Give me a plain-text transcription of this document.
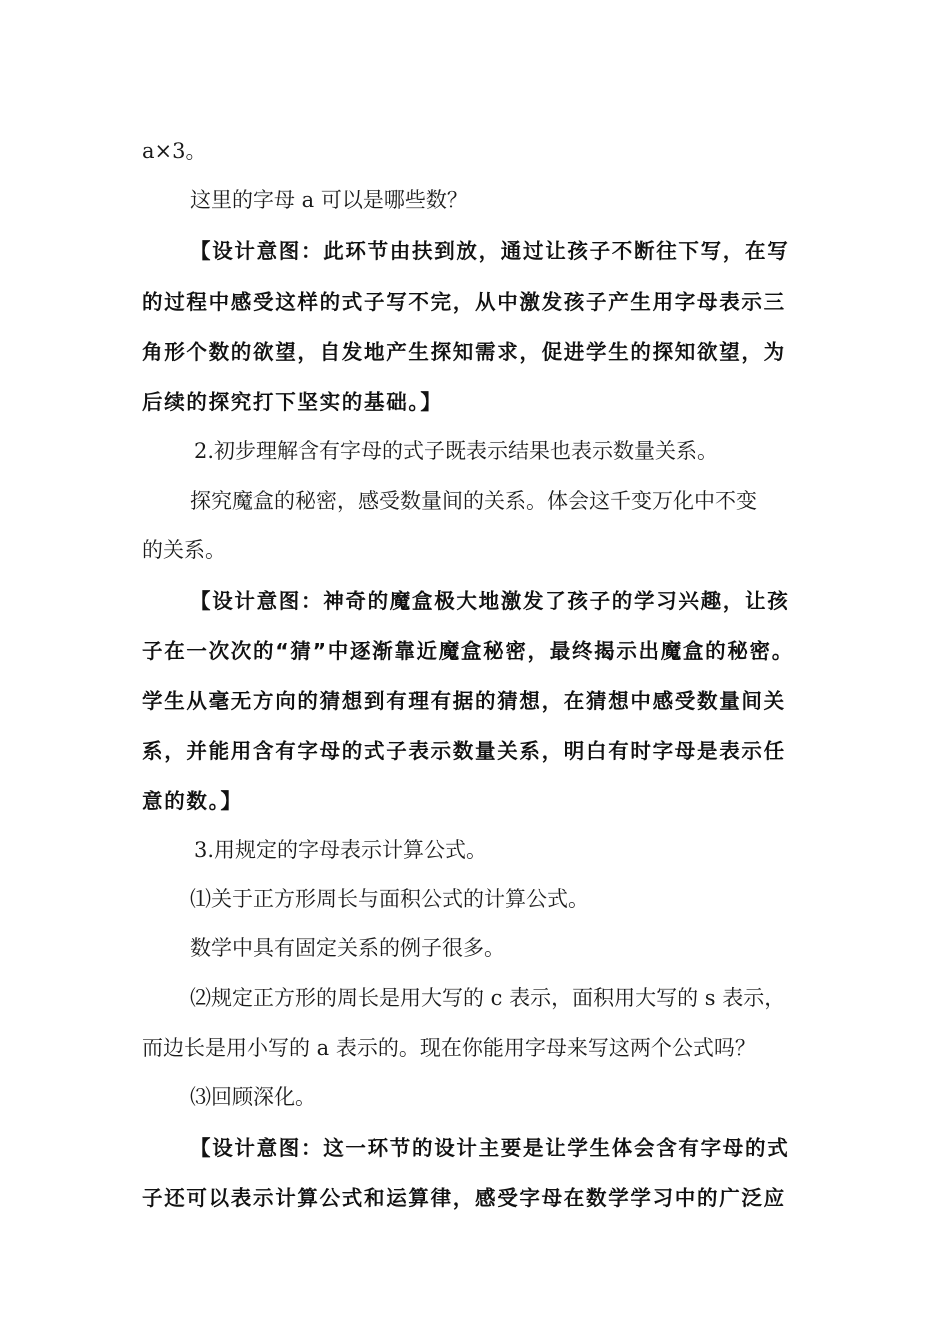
a×3。
这里的字母 a 可以是哪些数？
【设计意图：此环节由扶到放，通过让孩子不断往下写，在写
的过程中感受这样的式子写不完，从中激发孩子产生用字母表示三
角形个数的欲望，自发地产生探知需求，促进学生的探知欲望，为
后续的探究打下坚实的基础。】
2.初步理解含有字母的式子既表示结果也表示数量关系。
探究魔盒的秘密，感受数量间的关系。体会这千变万化中不变
的关系。
【设计意图：神奇的魔盒极大地激发了孩子的学习兴趣，让孩
子在一次次的“猜”中逐渐靠近魔盒秘密，最终揭示出魔盒的秘密。
学生从毫无方向的猜想到有理有据的猜想，在猜想中感受数量间关
系，并能用含有字母的式子表示数量关系，明白有时字母是表示任
意的数。】
3.用规定的字母表示计算公式。
⑴关于正方形周长与面积公式的计算公式。
数学中具有固定关系的例子很多。
⑵规定正方形的周长是用大写的 c 表示，面积用大写的 s 表示，
而边长是用小写的 a 表示的。现在你能用字母来写这两个公式吗？
⑶回顾深化。
【设计意图：这一环节的设计主要是让学生体会含有字母的式
子还可以表示计算公式和运算律，感受字母在数学学习中的广泛应
